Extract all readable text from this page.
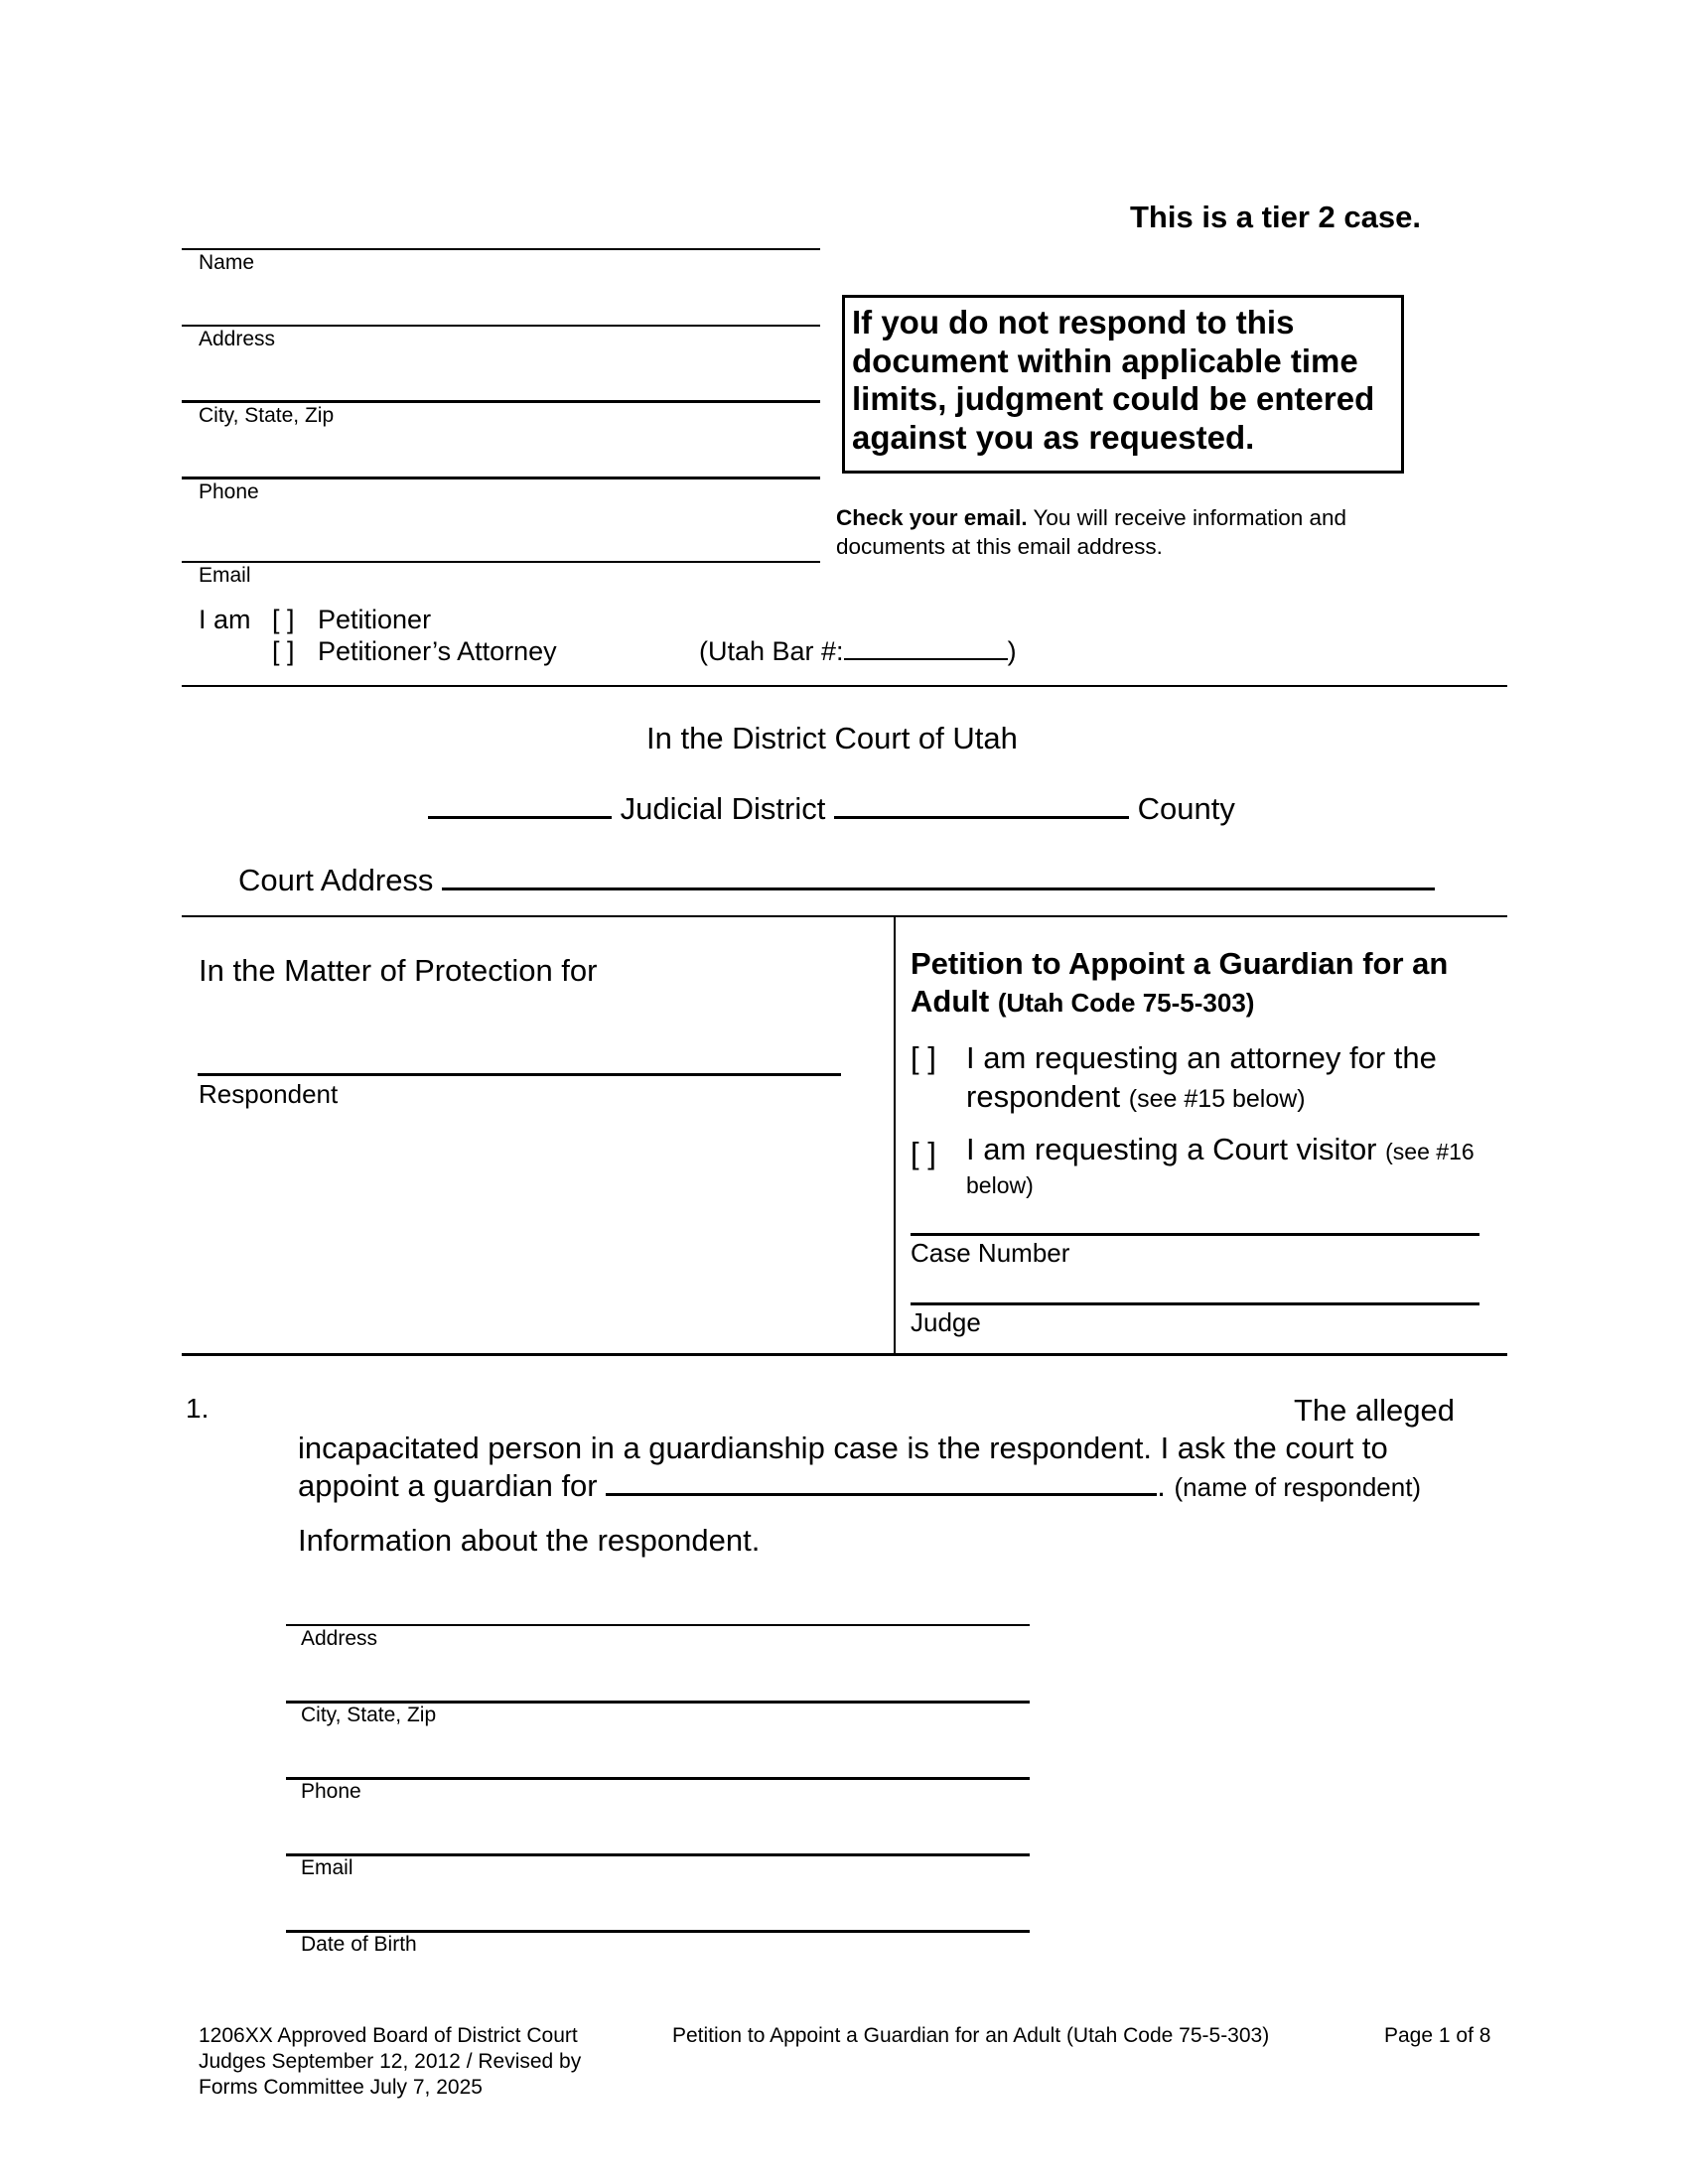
This is a tier 2 case.
Name
Address
City, State, Zip
Phone
Email
If you do not respond to this document within applicable time limits, judgment could be entered against you as requested.
Check your email. You will receive information and documents at this email address.
I am [ ] Petitioner
[ ] Petitioner’s Attorney	(Utah Bar #:	)
In the District Court of Utah
Judicial District	County
Court Address
In the Matter of Protection for
Respondent
Petition to Appoint a Guardian for an Adult (Utah Code 75-5-303)
[ ] I am requesting an attorney for the respondent (see #15 below)
[ ] I am requesting a Court visitor (see #16 below)
Case Number
Judge
1.	The alleged
incapacitated person in a guardianship case is the respondent. I ask the court to
appoint a guardian for	. (name of respondent)
Information about the respondent.
Address
City, State, Zip
Phone
Email
Date of Birth
1206XX Approved Board of District Court
Judges September 12, 2012 / Revised by
Forms Committee July 7, 2025
Petition to Appoint a Guardian for an Adult (Utah Code 75-5-303)	Page 1 of 8
